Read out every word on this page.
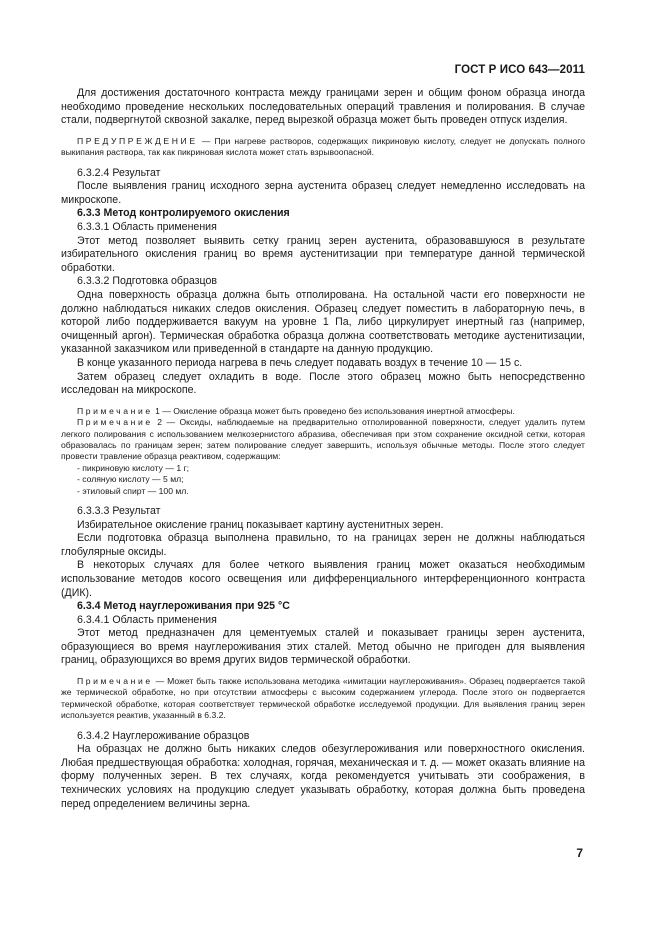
ГОСТ Р ИСО 643—2011

Для достижения достаточного контраста между границами зерен и общим фоном образца иногда необходимо проведение нескольких последовательных операций травления и полирования. В случае стали, подвергнутой сквозной закалке, перед вырезкой образца может быть проведен отпуск изделия.

ПРЕДУПРЕЖДЕНИЕ — При нагреве растворов, содержащих пикриновую кислоту, следует не допускать полного выкипания раствора, так как пикриновая кислота может стать взрывоопасной.

6.3.2.4 Результат

После выявления границ исходного зерна аустенита образец следует немедленно исследовать на микроскопе.

6.3.3 Метод контролируемого окисления

6.3.3.1 Область применения

Этот метод позволяет выявить сетку границ зерен аустенита, образовавшуюся в результате избирательного окисления границ во время аустенитизации при температуре данной термической обработки.

6.3.3.2 Подготовка образцов

Одна поверхность образца должна быть отполирована. На остальной части его поверхности не должно наблюдаться никаких следов окисления. Образец следует поместить в лабораторную печь, в которой либо поддерживается вакуум на уровне 1 Па, либо циркулирует инертный газ (например, очищенный аргон). Термическая обработка образца должна соответствовать методике аустенитизации, указанной заказчиком или приведенной в стандарте на данную продукцию.

В конце указанного периода нагрева в печь следует подавать воздух в течение 10 — 15 с.

Затем образец следует охладить в воде. После этого образец можно быть непосредственно исследован на микроскопе.

Примечание 1 — Окисление образца может быть проведено без использования инертной атмосферы.

Примечание 2 — Оксиды, наблюдаемые на предварительно отполированной поверхности, следует удалить путем легкого полирования с использованием мелкозернистого абразива, обеспечивая при этом сохранение оксидной сетки, которая образовалась по границам зерен; затем полирование следует завершить, используя обычные методы. После этого следует провести травление образца реактивом, содержащим:

- пикриновую кислоту — 1 г;

- соляную кислоту — 5 мл;

- этиловый спирт — 100 мл.

6.3.3.3 Результат

Избирательное окисление границ показывает картину аустенитных зерен.

Если подготовка образца выполнена правильно, то на границах зерен не должны наблюдаться глобулярные оксиды.

В некоторых случаях для более четкого выявления границ может оказаться необходимым использование методов косого освещения или дифференциального интерференционного контраста (ДИК).

6.3.4 Метод науглероживания при 925 °С

6.3.4.1 Область применения

Этот метод предназначен для цементуемых сталей и показывает границы зерен аустенита, образующиеся во время науглероживания этих сталей. Метод обычно не пригоден для выявления границ, образующихся во время других видов термической обработки.

Примечание — Может быть также использована методика «имитации науглероживания». Образец подвергается такой же термической обработке, но при отсутствии атмосферы с высоким содержанием углерода. После этого он подвергается термической обработке, которая соответствует термической обработке исследуемой продукции. Для выявления границ зерен используется реактив, указанный в 6.3.2.

6.3.4.2 Науглероживание образцов

На образцах не должно быть никаких следов обезуглероживания или поверхностного окисления. Любая предшествующая обработка: холодная, горячая, механическая и т. д. — может оказать влияние на форму полученных зерен. В тех случаях, когда рекомендуется учитывать эти соображения, в технических условиях на продукцию следует указывать обработку, которая должна быть проведена перед определением величины зерна.

7
